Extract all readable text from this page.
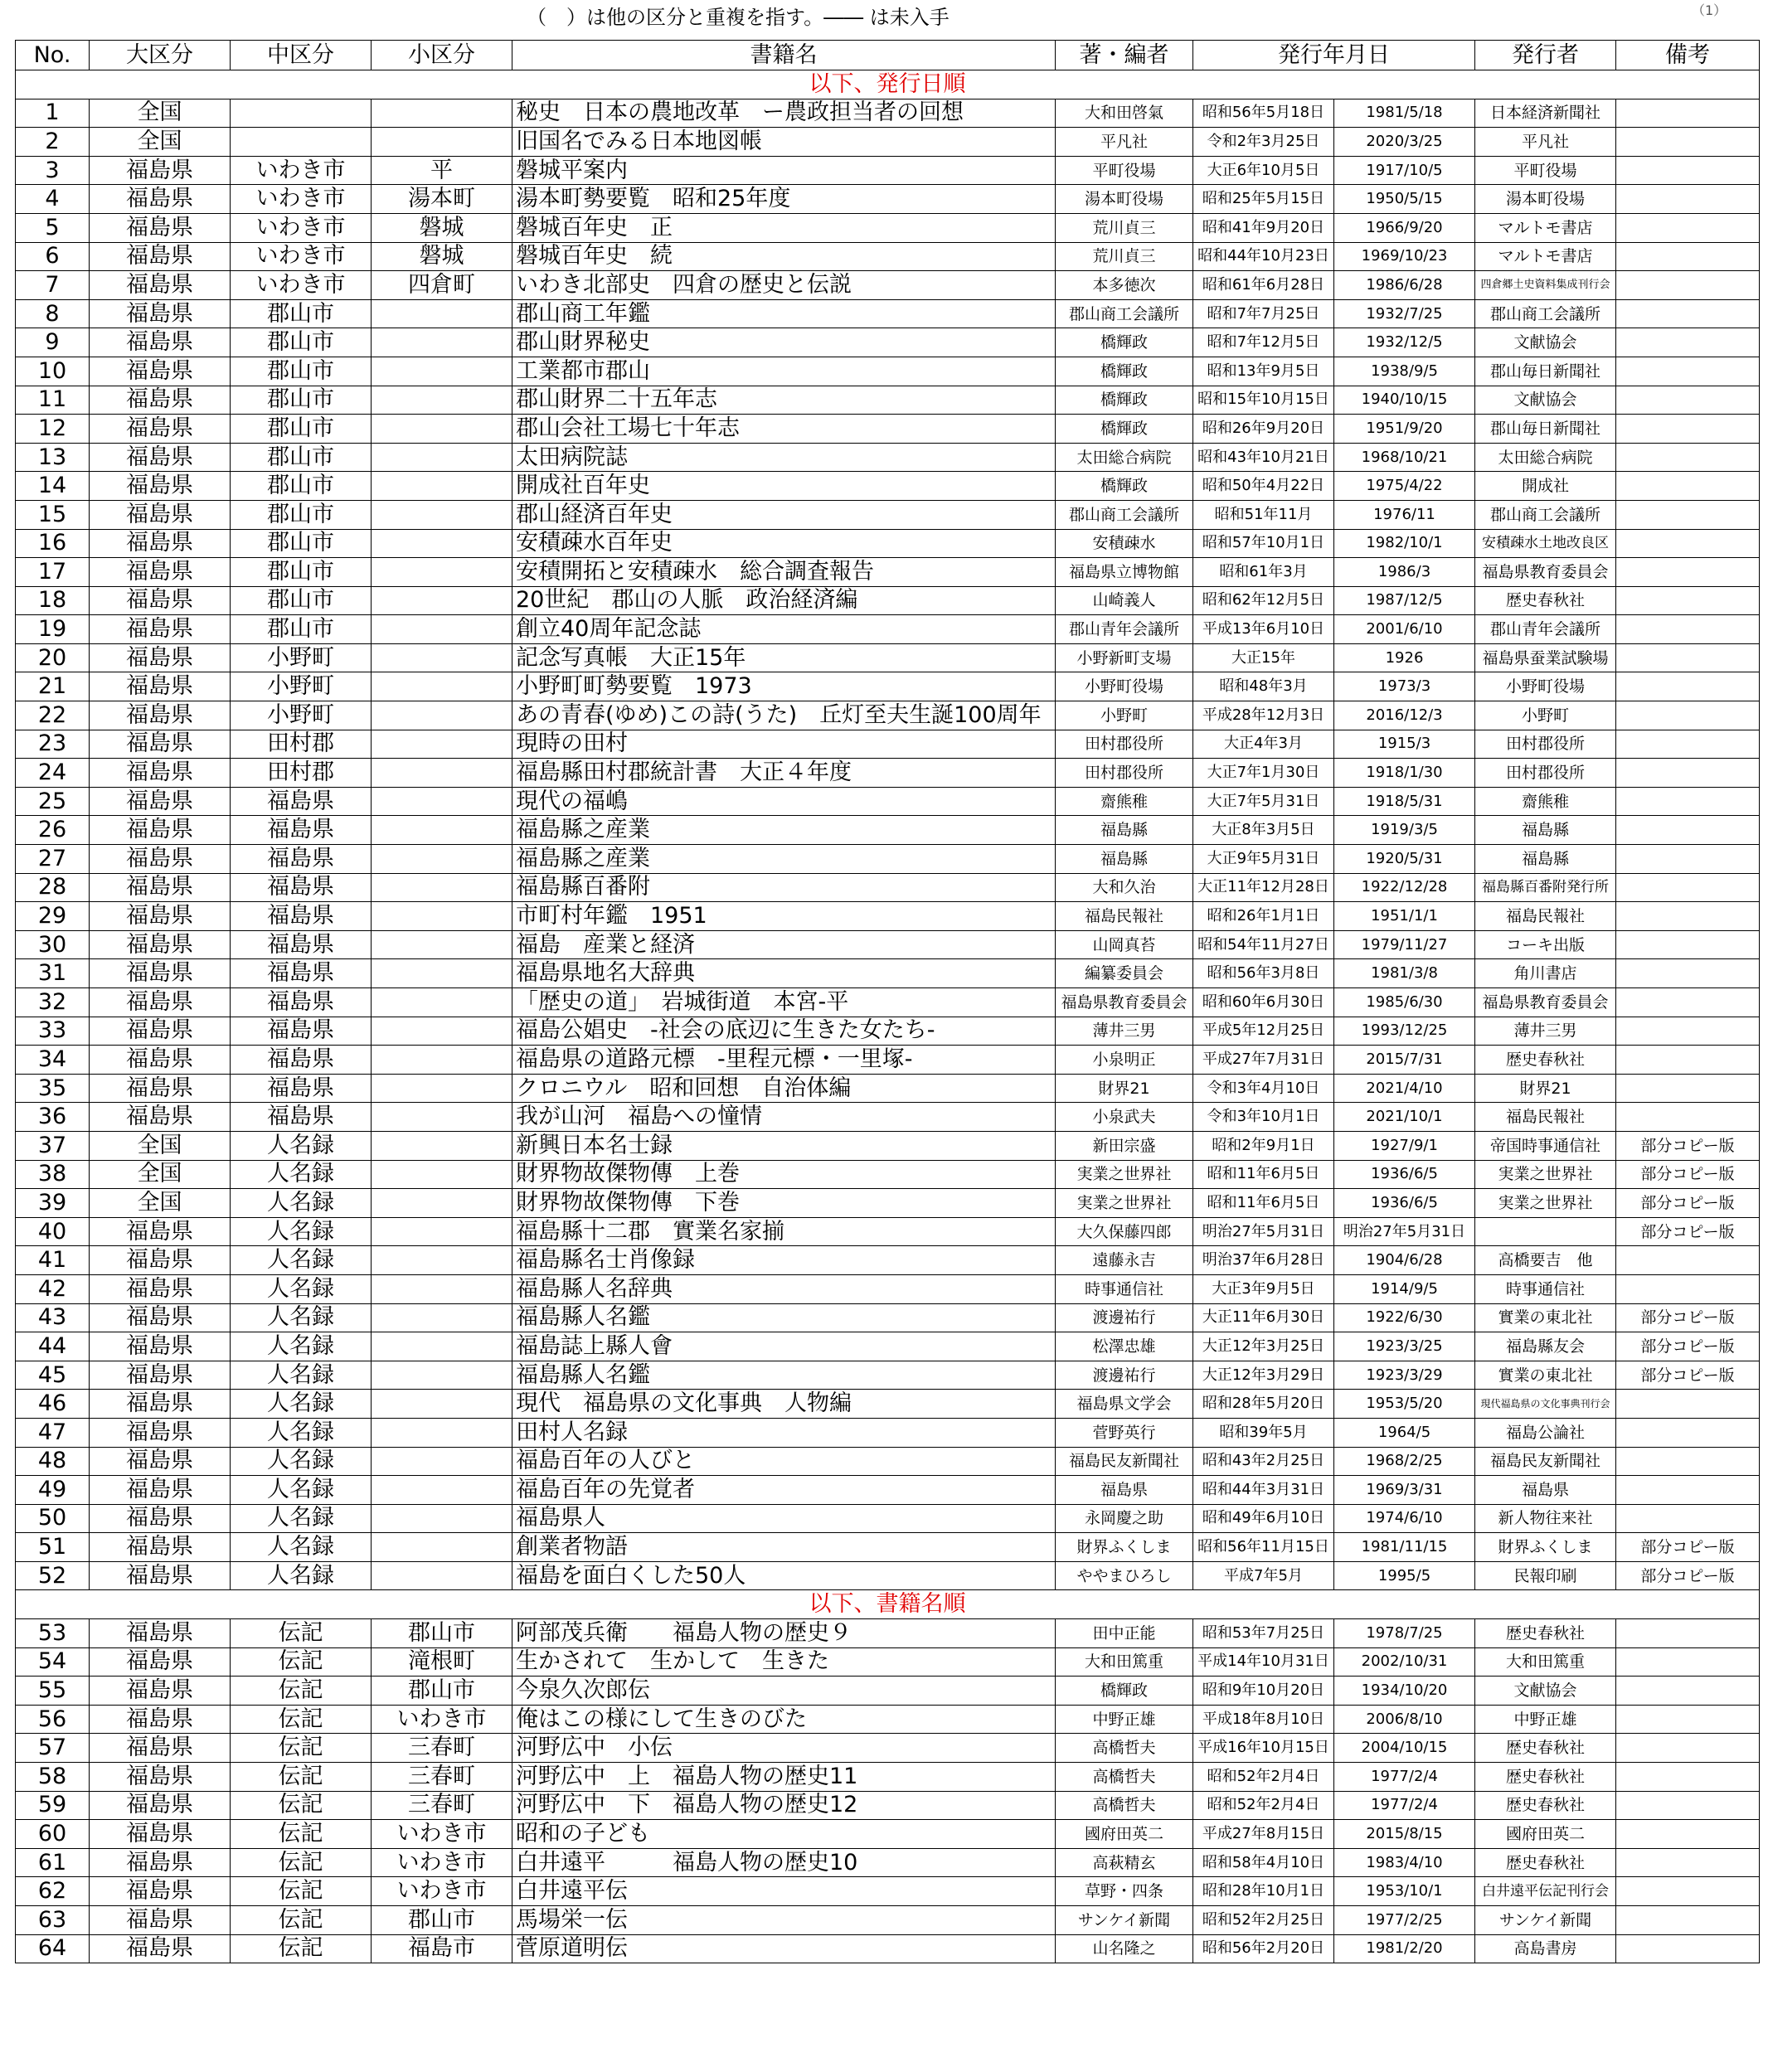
（　）は他の区分と重複を指す。―― は未入手	（1）
No.	大区分	中区分	小区分	書籍名	著・編者	発行年月日		発行者	備考
以下、発行日順									
1	全国			秘史　日本の農地改革　ー農政担当者の回想	大和田啓氣	昭和56年5月18日	1981/5/18	日本経済新聞社	
2	全国			旧国名でみる日本地図帳	平凡社	令和2年3月25日	2020/3/25	平凡社	
3	福島県	いわき市	平	磐城平案内	平町役場	大正6年10月5日	1917/10/5	平町役場	
4	福島県	いわき市	湯本町	湯本町勢要覧　昭和25年度	湯本町役場	昭和25年5月15日	1950/5/15	湯本町役場	
5	福島県	いわき市	磐城	磐城百年史　正	荒川貞三	昭和41年9月20日	1966/9/20	マルトモ書店	
6	福島県	いわき市	磐城	磐城百年史　続	荒川貞三	昭和44年10月23日	1969/10/23	マルトモ書店	
7	福島県	いわき市	四倉町	いわき北部史　四倉の歴史と伝説	本多徳次	昭和61年6月28日	1986/6/28	四倉郷土史資料集成刊行会	
8	福島県	郡山市		郡山商工年鑑	郡山商工会議所	昭和7年7月25日	1932/7/25	郡山商工会議所	
9	福島県	郡山市		郡山財界秘史	橋輝政	昭和7年12月5日	1932/12/5	文献協会	
10	福島県	郡山市		工業都市郡山	橋輝政	昭和13年9月5日	1938/9/5	郡山毎日新聞社	
11	福島県	郡山市		郡山財界二十五年志	橋輝政	昭和15年10月15日	1940/10/15	文献協会	
12	福島県	郡山市		郡山会社工場七十年志	橋輝政	昭和26年9月20日	1951/9/20	郡山毎日新聞社	
13	福島県	郡山市		太田病院誌	太田総合病院	昭和43年10月21日	1968/10/21	太田総合病院	
14	福島県	郡山市		開成社百年史	橋輝政	昭和50年4月22日	1975/4/22	開成社	
15	福島県	郡山市		郡山経済百年史	郡山商工会議所	昭和51年11月	1976/11	郡山商工会議所	
16	福島県	郡山市		安積疎水百年史	安積疎水	昭和57年10月1日	1982/10/1	安積疎水土地改良区	
17	福島県	郡山市		安積開拓と安積疎水　総合調査報告	福島県立博物館	昭和61年3月	1986/3	福島県教育委員会	
18	福島県	郡山市		20世紀　郡山の人脈　政治経済編	山崎義人	昭和62年12月5日	1987/12/5	歴史春秋社	
19	福島県	郡山市		創立40周年記念誌	郡山青年会議所	平成13年6月10日	2001/6/10	郡山青年会議所	
20	福島県	小野町		記念写真帳　大正15年	小野新町支場	大正15年	1926	福島県蚕業試験場	
21	福島県	小野町		小野町町勢要覧　1973	小野町役場	昭和48年3月	1973/3	小野町役場	
22	福島県	小野町		あの青春(ゆめ)この詩(うた)　丘灯至夫生誕100周年	小野町	平成28年12月3日	2016/12/3	小野町	
23	福島県	田村郡		現時の田村	田村郡役所	大正4年3月	1915/3	田村郡役所	
24	福島県	田村郡		福島縣田村郡統計書　大正４年度	田村郡役所	大正7年1月30日	1918/1/30	田村郡役所	
25	福島県	福島県		現代の福嶋	齋熊稚	大正7年5月31日	1918/5/31	齋熊稚	
26	福島県	福島県		福島縣之産業	福島縣	大正8年3月5日	1919/3/5	福島縣	
27	福島県	福島県		福島縣之産業	福島縣	大正9年5月31日	1920/5/31	福島縣	
28	福島県	福島県		福島縣百番附	大和久治	大正11年12月28日	1922/12/28	福島縣百番附発行所	
29	福島県	福島県		市町村年鑑　1951	福島民報社	昭和26年1月1日	1951/1/1	福島民報社	
30	福島県	福島県		福島　産業と経済	山岡真苔	昭和54年11月27日	1979/11/27	コーキ出版	
31	福島県	福島県		福島県地名大辞典	編纂委員会	昭和56年3月8日	1981/3/8	角川書店	
32	福島県	福島県		「歴史の道」　岩城街道　本宮-平	福島県教育委員会	昭和60年6月30日	1985/6/30	福島県教育委員会	
33	福島県	福島県		福島公娼史　-社会の底辺に生きた女たち-	薄井三男	平成5年12月25日	1993/12/25	薄井三男	
34	福島県	福島県		福島県の道路元標　-里程元標・一里塚-	小泉明正	平成27年7月31日	2015/7/31	歴史春秋社	
35	福島県	福島県		クロニウル　昭和回想　自治体編	財界21	令和3年4月10日	2021/4/10	財界21	
36	福島県	福島県		我が山河　福島への憧情	小泉武夫	令和3年10月1日	2021/10/1	福島民報社	
37	全国	人名録		新興日本名士録	新田宗盛	昭和2年9月1日	1927/9/1	帝国時事通信社	部分コピー版
38	全国	人名録		財界物故傑物傳　上巻	実業之世界社	昭和11年6月5日	1936/6/5	実業之世界社	部分コピー版
39	全国	人名録		財界物故傑物傳　下巻	実業之世界社	昭和11年6月5日	1936/6/5	実業之世界社	部分コピー版
40	福島県	人名録		福島縣十二郡　實業名家揃	大久保藤四郎	明治27年5月31日	明治27年5月31日		部分コピー版
41	福島県	人名録		福島縣名士肖像録	遠藤永吉	明治37年6月28日	1904/6/28	高橋要吉　他	
42	福島県	人名録		福島縣人名辞典	時事通信社	大正3年9月5日	1914/9/5	時事通信社	
43	福島県	人名録		福島縣人名鑑	渡邊祐行	大正11年6月30日	1922/6/30	實業の東北社	部分コピー版
44	福島県	人名録		福島誌上縣人會	松澤忠雄	大正12年3月25日	1923/3/25	福島縣友会	部分コピー版
45	福島県	人名録		福島縣人名鑑	渡邊祐行	大正12年3月29日	1923/3/29	實業の東北社	部分コピー版
46	福島県	人名録		現代　福島県の文化事典　人物編	福島県文学会	昭和28年5月20日	1953/5/20	現代福島県の文化事典刊行会	
47	福島県	人名録		田村人名録	菅野英行	昭和39年5月	1964/5	福島公論社	
48	福島県	人名録		福島百年の人びと	福島民友新聞社	昭和43年2月25日	1968/2/25	福島民友新聞社	
49	福島県	人名録		福島百年の先覚者	福島県	昭和44年3月31日	1969/3/31	福島県	
50	福島県	人名録		福島県人	永岡慶之助	昭和49年6月10日	1974/6/10	新人物往来社	
51	福島県	人名録		創業者物語	財界ふくしま	昭和56年11月15日	1981/11/15	財界ふくしま	部分コピー版
52	福島県	人名録		福島を面白くした50人	ややまひろし	平成7年5月	1995/5	民報印刷	部分コピー版
以下、書籍名順									
53	福島県	伝記	郡山市	阿部茂兵衛　　福島人物の歴史９	田中正能	昭和53年7月25日	1978/7/25	歴史春秋社	
54	福島県	伝記	滝根町	生かされて　生かして　生きた	大和田篤重	平成14年10月31日	2002/10/31	大和田篤重	
55	福島県	伝記	郡山市	今泉久次郎伝	橋輝政	昭和9年10月20日	1934/10/20	文献協会	
56	福島県	伝記	いわき市	俺はこの様にして生きのびた	中野正雄	平成18年8月10日	2006/8/10	中野正雄	
57	福島県	伝記	三春町	河野広中　小伝	高橋哲夫	平成16年10月15日	2004/10/15	歴史春秋社	
58	福島県	伝記	三春町	河野広中　上　福島人物の歴史11	高橋哲夫	昭和52年2月4日	1977/2/4	歴史春秋社	
59	福島県	伝記	三春町	河野広中　下　福島人物の歴史12	高橋哲夫	昭和52年2月4日	1977/2/4	歴史春秋社	
60	福島県	伝記	いわき市	昭和の子ども	國府田英二	平成27年8月15日	2015/8/15	國府田英二	
61	福島県	伝記	いわき市	白井遠平　　　福島人物の歴史10	高萩精玄	昭和58年4月10日	1983/4/10	歴史春秋社	
62	福島県	伝記	いわき市	白井遠平伝	草野・四条	昭和28年10月1日	1953/10/1	白井遠平伝記刊行会	
63	福島県	伝記	郡山市	馬場栄一伝	サンケイ新聞	昭和52年2月25日	1977/2/25	サンケイ新聞	
64	福島県	伝記	福島市	菅原道明伝	山名隆之	昭和56年2月20日	1981/2/20	高島書房	
